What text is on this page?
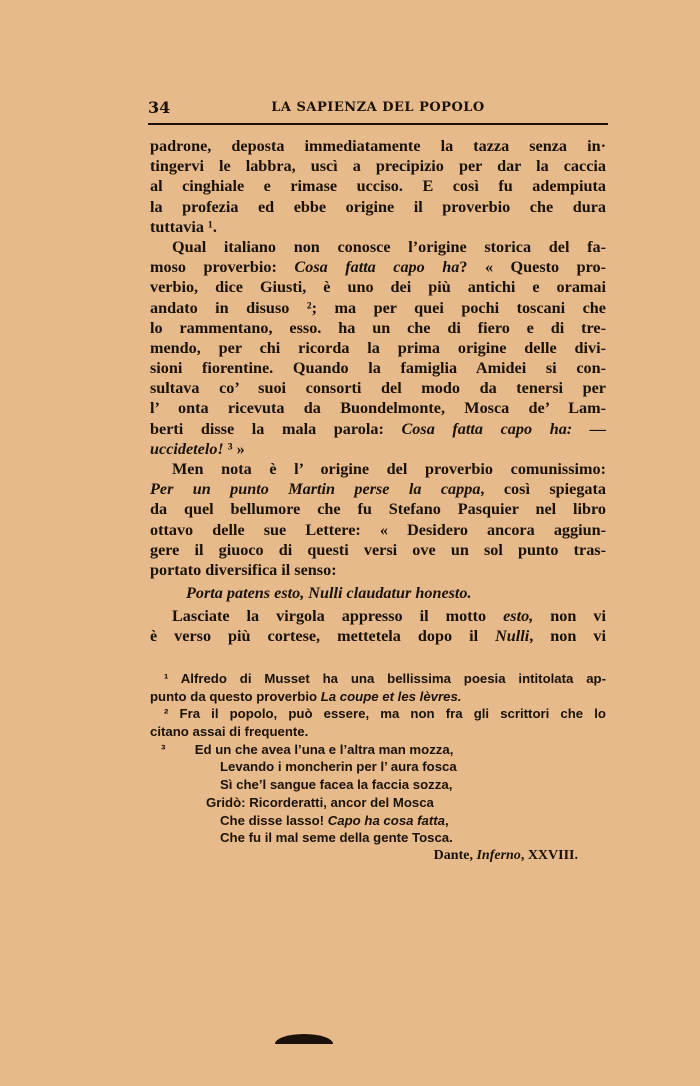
34	LA SAPIENZA DEL POPOLO
padrone, deposta immediatamente la tazza senza in·
tingervi le labbra, uscì a precipizio per dar la caccia
al cinghiale e rimase ucciso. E così fu adempiuta
la profezia ed ebbe origine il proverbio che dura
tuttavia ¹.
Qual italiano non conosce l’origine storica del fa-
moso proverbio: Cosa fatta capo ha? « Questo pro-
verbio, dice Giusti, è uno dei più antichi e oramai
andato in disuso ²; ma per quei pochi toscani che
lo rammentano, esso. ha un che di fiero e di tre-
mendo, per chi ricorda la prima origine delle divi-
sioni fiorentine. Quando la famiglia Amidei si con-
sultava co’ suoi consorti del modo da tenersi per
l’ onta ricevuta da Buondelmonte, Mosca de’ Lam-
berti disse la mala parola: Cosa fatta capo ha: —
uccidetelo! ³ »
Men nota è l’ origine del proverbio comunissimo:
Per un punto Martin perse la cappa, così spiegata
da quel bellumore che fu Stefano Pasquier nel libro
ottavo delle sue Lettere: « Desidero ancora aggiun-
gere il giuoco di questi versi ove un sol punto tras-
portato diversifica il senso:
Porta patens esto, Nulli claudatur honesto.
Lasciate la virgola appresso il motto esto, non vi
è verso più cortese, mettetela dopo il Nulli, non vi
¹ Alfredo di Musset ha una bellissima poesia intitolata ap-
punto da questo proverbio La coupe et les lèvres.
² Fra il popolo, può essere, ma non fra gli scrittori che lo
citano assai di frequente.
³        Ed un che avea l’una e l’altra man mozza,
Levando i moncherin per l’ aura fosca
Sì che’l sangue facea la faccia sozza,
Gridò: Ricorderatti, ancor del Mosca
Che disse lasso! Capo ha cosa fatta,
Che fu il mal seme della gente Tosca.
Dante, Inferno, XXVIII.
